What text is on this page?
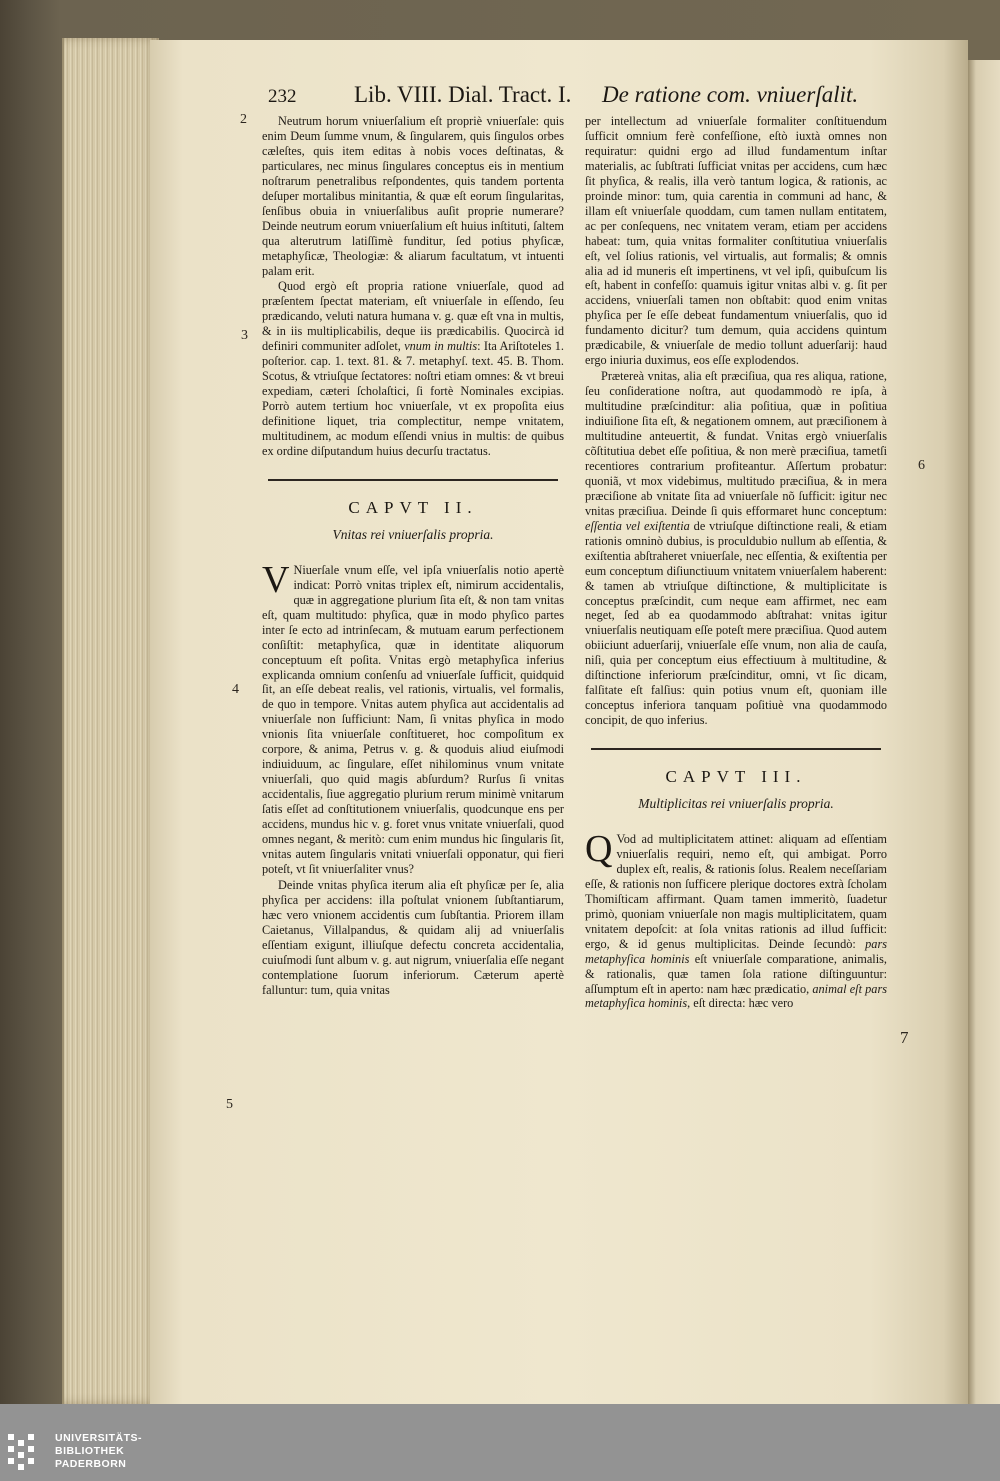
232	Lib. VIII. Dial. Tract. I. De ratione com. vniuerſalit.
2
3
4
5
6
7

Neutrum horum vniuerſalium eſt propriè vniuerſale: quis enim Deum ſumme vnum, & ſingularem, quis ſingulos orbes cæleſtes, quis item editas à nobis voces deſtinatas, & particulares, nec minus ſingulares conceptus eis in mentium noſtrarum penetralibus reſpondentes, quis tandem portenta deſuper mortalibus minitantia, & quæ eſt eorum ſingularitas, ſenſibus obuia in vniuerſalibus auſit proprie numerare? Deinde neutrum eorum vniuerſalium eſt huius inſtituti, ſaltem qua alterutrum latiſſimè funditur, ſed potius phyſicæ, metaphyſicæ, Theologiæ: & aliarum facultatum, vt intuenti palam erit.

Quod ergò eſt propria ratione vniuerſale, quod ad præſentem ſpectat materiam, eſt vniuerſale in eſſendo, ſeu prædicando, veluti natura humana v. g. quæ eſt vna in multis, & in iis multiplicabilis, deque iis prædicabilis. Quocircà id definiri communiter adſolet, vnum in multis: Ita Ariſtoteles 1. poſterior. cap. 1. text. 81. & 7. metaphyſ. text. 45. B. Thom. Scotus, & vtriuſque ſectatores: noſtri etiam omnes: & vt breui expediam, cæteri ſcholaſtici, ſi fortè Nominales excipias. Porrò autem tertium hoc vniuerſale, vt ex propoſita eius definitione liquet, tria complectitur, nempe vnitatem, multitudinem, ac modum eſſendi vnius in multis: de quibus ex ordine diſputandum huius decurſu tractatus.

CAPVT II.
Vnitas rei vniuerſalis propria.

V Niuerſale vnum eſſe, vel ipſa vniuerſalis notio apertè indicat: Porrò vnitas triplex eſt, nimirum accidentalis, quæ in aggregatione plurium ſita eſt, & non tam vnitas eſt, quam multitudo: phyſica, quæ in modo phyſico partes inter ſe ecto ad intrinſecam, & mutuam earum perfectionem conſiſtit: metaphyſica, quæ in identitate aliquorum conceptuum eſt poſita. Vnitas ergò metaphyſica inferius explicanda omnium conſenſu ad vniuerſale ſufficit, quidquid ſit, an eſſe debeat realis, vel rationis, virtualis, vel formalis, de quo in tempore. Vnitas autem phyſica aut accidentalis ad vniuerſale non ſufficiunt: Nam, ſi vnitas phyſica in modo vnionis ſita vniuerſale conſtitueret, hoc compoſitum ex corpore, & anima, Petrus v. g. & quoduis aliud eiuſmodi indiuiduum, ac ſingulare, eſſet nihilominus vnum vnitate vniuerſali, quo quid magis abſurdum? Rurſus ſi vnitas accidentalis, ſiue aggregatio plurium rerum minimè vnitarum ſatis eſſet ad conſtitutionem vniuerſalis, quodcunque ens per accidens, mundus hic v. g. foret vnus vnitate vniuerſali, quod omnes negant, & meritò: cum enim mundus hic ſingularis ſit, vnitas autem ſingularis vnitati vniuerſali opponatur, qui fieri poteſt, vt ſit vniuerſaliter vnus?

Deinde vnitas phyſica iterum alia eſt phyſicæ per ſe, alia phyſica per accidens: illa poſtulat vnionem ſubſtantiarum, hæc vero vnionem accidentis cum ſubſtantia. Priorem illam Caietanus, Villalpandus, & quidam alij ad vniuerſalis eſſentiam exigunt, illiuſque defectu concreta accidentalia, cuiuſmodi ſunt album v. g. aut nigrum, vniuerſalia eſſe negant contemplatione ſuorum inferiorum. Cæterum apertè falluntur: tum, quia vnitas

per intellectum ad vniuerſale formaliter conſtituendum ſufficit omnium ferè confeſſione, eſtò iuxtà omnes non requiratur: quidni ergo ad illud fundamentum inſtar materialis, ac ſubſtrati ſufficiat vnitas per accidens, cum hæc ſit phyſica, & realis, illa verò tantum logica, & rationis, ac proinde minor: tum, quia carentia in communi ad hanc, & illam eſt vniuerſale quoddam, cum tamen nullam entitatem, ac per conſequens, nec vnitatem veram, etiam per accidens habeat: tum, quia vnitas formaliter conſtitutiua vniuerſalis eſt, vel ſolius rationis, vel virtualis, aut formalis; & omnis alia ad id muneris eſt impertinens, vt vel ipſi, quibuſcum lis eſt, habent in confeſſo: quamuis igitur vnitas albi v. g. ſit per accidens, vniuerſali tamen non obſtabit: quod enim vnitas phyſica per ſe eſſe debeat fundamentum vniuerſalis, quo id fundamento dicitur? tum demum, quia accidens quintum prædicabile, & vniuerſale de medio tollunt aduerſarij: haud ergo iniuria duximus, eos eſſe explodendos.

Prætereà vnitas, alia eſt præciſiua, qua res aliqua, ratione, ſeu conſideratione noſtra, aut quodammodò re ipſa, à multitudine præſcinditur: alia poſitiua, quæ in poſitiua indiuiſione ſita eſt, & negationem omnem, aut præciſionem à multitudine anteuertit, & fundat. Vnitas ergò vniuerſalis cõſtitutiua debet eſſe poſitiua, & non merè præciſiua, tametſi recentiores contrarium profiteantur. Aſſertum probatur: quoniã, vt mox videbimus, multitudo præciſiua, & in mera præciſione ab vnitate ſita ad vniuerſale nõ ſufficit: igitur nec vnitas præciſiua. Deinde ſi quis efformaret hunc conceptum: eſſentia vel exiſtentia de vtriuſque diſtinctione reali, & etiam rationis omninò dubius, is proculdubio nullum ab eſſentia, & exiſtentia abſtraheret vniuerſale, nec eſſentia, & exiſtentia per eum conceptum diſiunctiuum vnitatem vniuerſalem haberent: & tamen ab vtriuſque diſtinctione, & multiplicitate is conceptus præſcindit, cum neque eam affirmet, nec eam neget, ſed ab ea quodammodo abſtrahat: vnitas igitur vniuerſalis neutiquam eſſe poteſt mere præciſiua. Quod autem obiiciunt aduerſarij, vniuerſale eſſe vnum, non alia de cauſa, niſi, quia per conceptum eius effectiuum à multitudine, & diſtinctione inferiorum præſcinditur, omni, vt ſic dicam, falſitate eſt falſius: quin potius vnum eſt, quoniam ille conceptus inferiora tanquam poſitiuè vna quodammodo concipit, de quo inferius.

CAPVT III.
Multiplicitas rei vniuerſalis propria.

Q Vod ad multiplicitatem attinet: aliquam ad eſſentiam vniuerſalis requiri, nemo eſt, qui ambigat. Porro duplex eſt, realis, & rationis ſolus. Realem neceſſariam eſſe, & rationis non ſufficere plerique doctores extrà ſcholam Thomiſticam affirmant. Quam tamen immeritò, ſuadetur primò, quoniam vniuerſale non magis multiplicitatem, quam vnitatem depoſcit: at ſola vnitas rationis ad illud ſufficit: ergo, & id genus multiplicitas. Deinde ſecundò: pars metaphyſica hominis eſt vniuerſale comparatione, animalis, & rationalis, quæ tamen ſola ratione diſtinguuntur: aſſumptum eſt in aperto: nam hæc prædicatio, animal eſt pars metaphyſica hominis, eſt directa: hæc vero

UNIVERSITÄTS-
BIBLIOTHEK
PADERBORN
